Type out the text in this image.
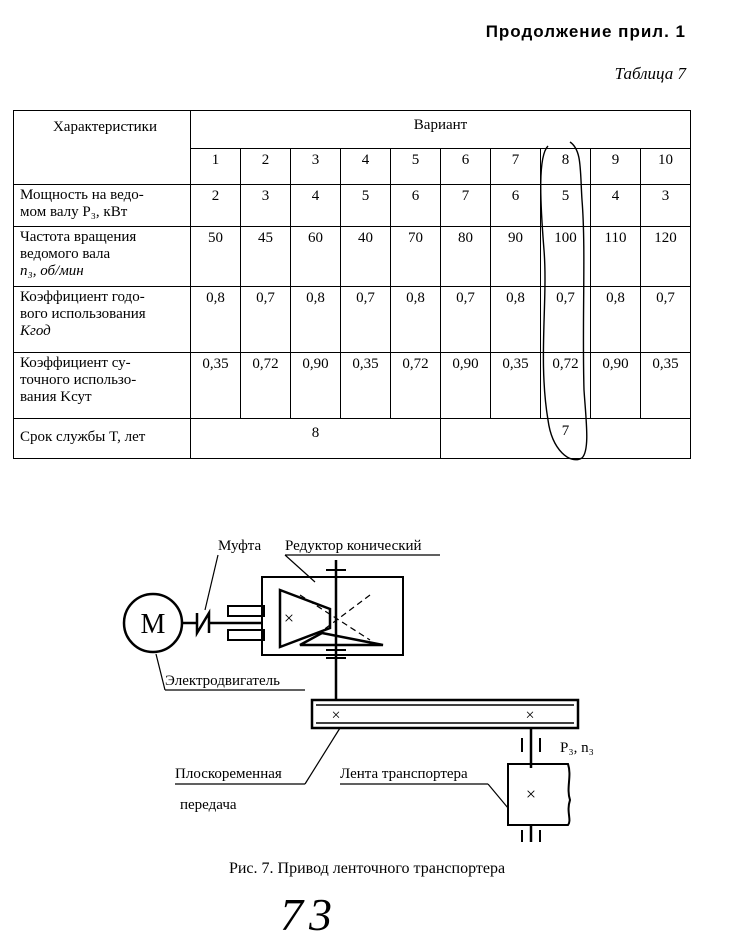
Продолжение прил. 1
Таблица 7
Характеристики	Вариант									
	1	2	3	4	5	6	7	8	9	10

Мощность на ведо-
мом валу P₃, кВт	2	3	4	5	6	7	6	5	4	3

Частота вращения
ведомого вала
n₃, об/мин	50	45	60	40	70	80	90	100	110	120

Коэффициент годо-
вого использования
Kгод	0,8	0,7	0,8	0,7	0,8	0,7	0,8	0,7	0,8	0,7

Коэффициент су-
точного использо-
вания Kсут	0,35	0,72	0,90	0,35	0,72	0,90	0,35	0,72	0,90	0,35
Срок службы T, лет	8					7				
M	×
×	×
P₃, n₃
×
Муфта Редуктор конический
Электродвигатель
Плоскоременная
передача
Лента транспортера
Рис. 7. Привод ленточного транспортера
73
